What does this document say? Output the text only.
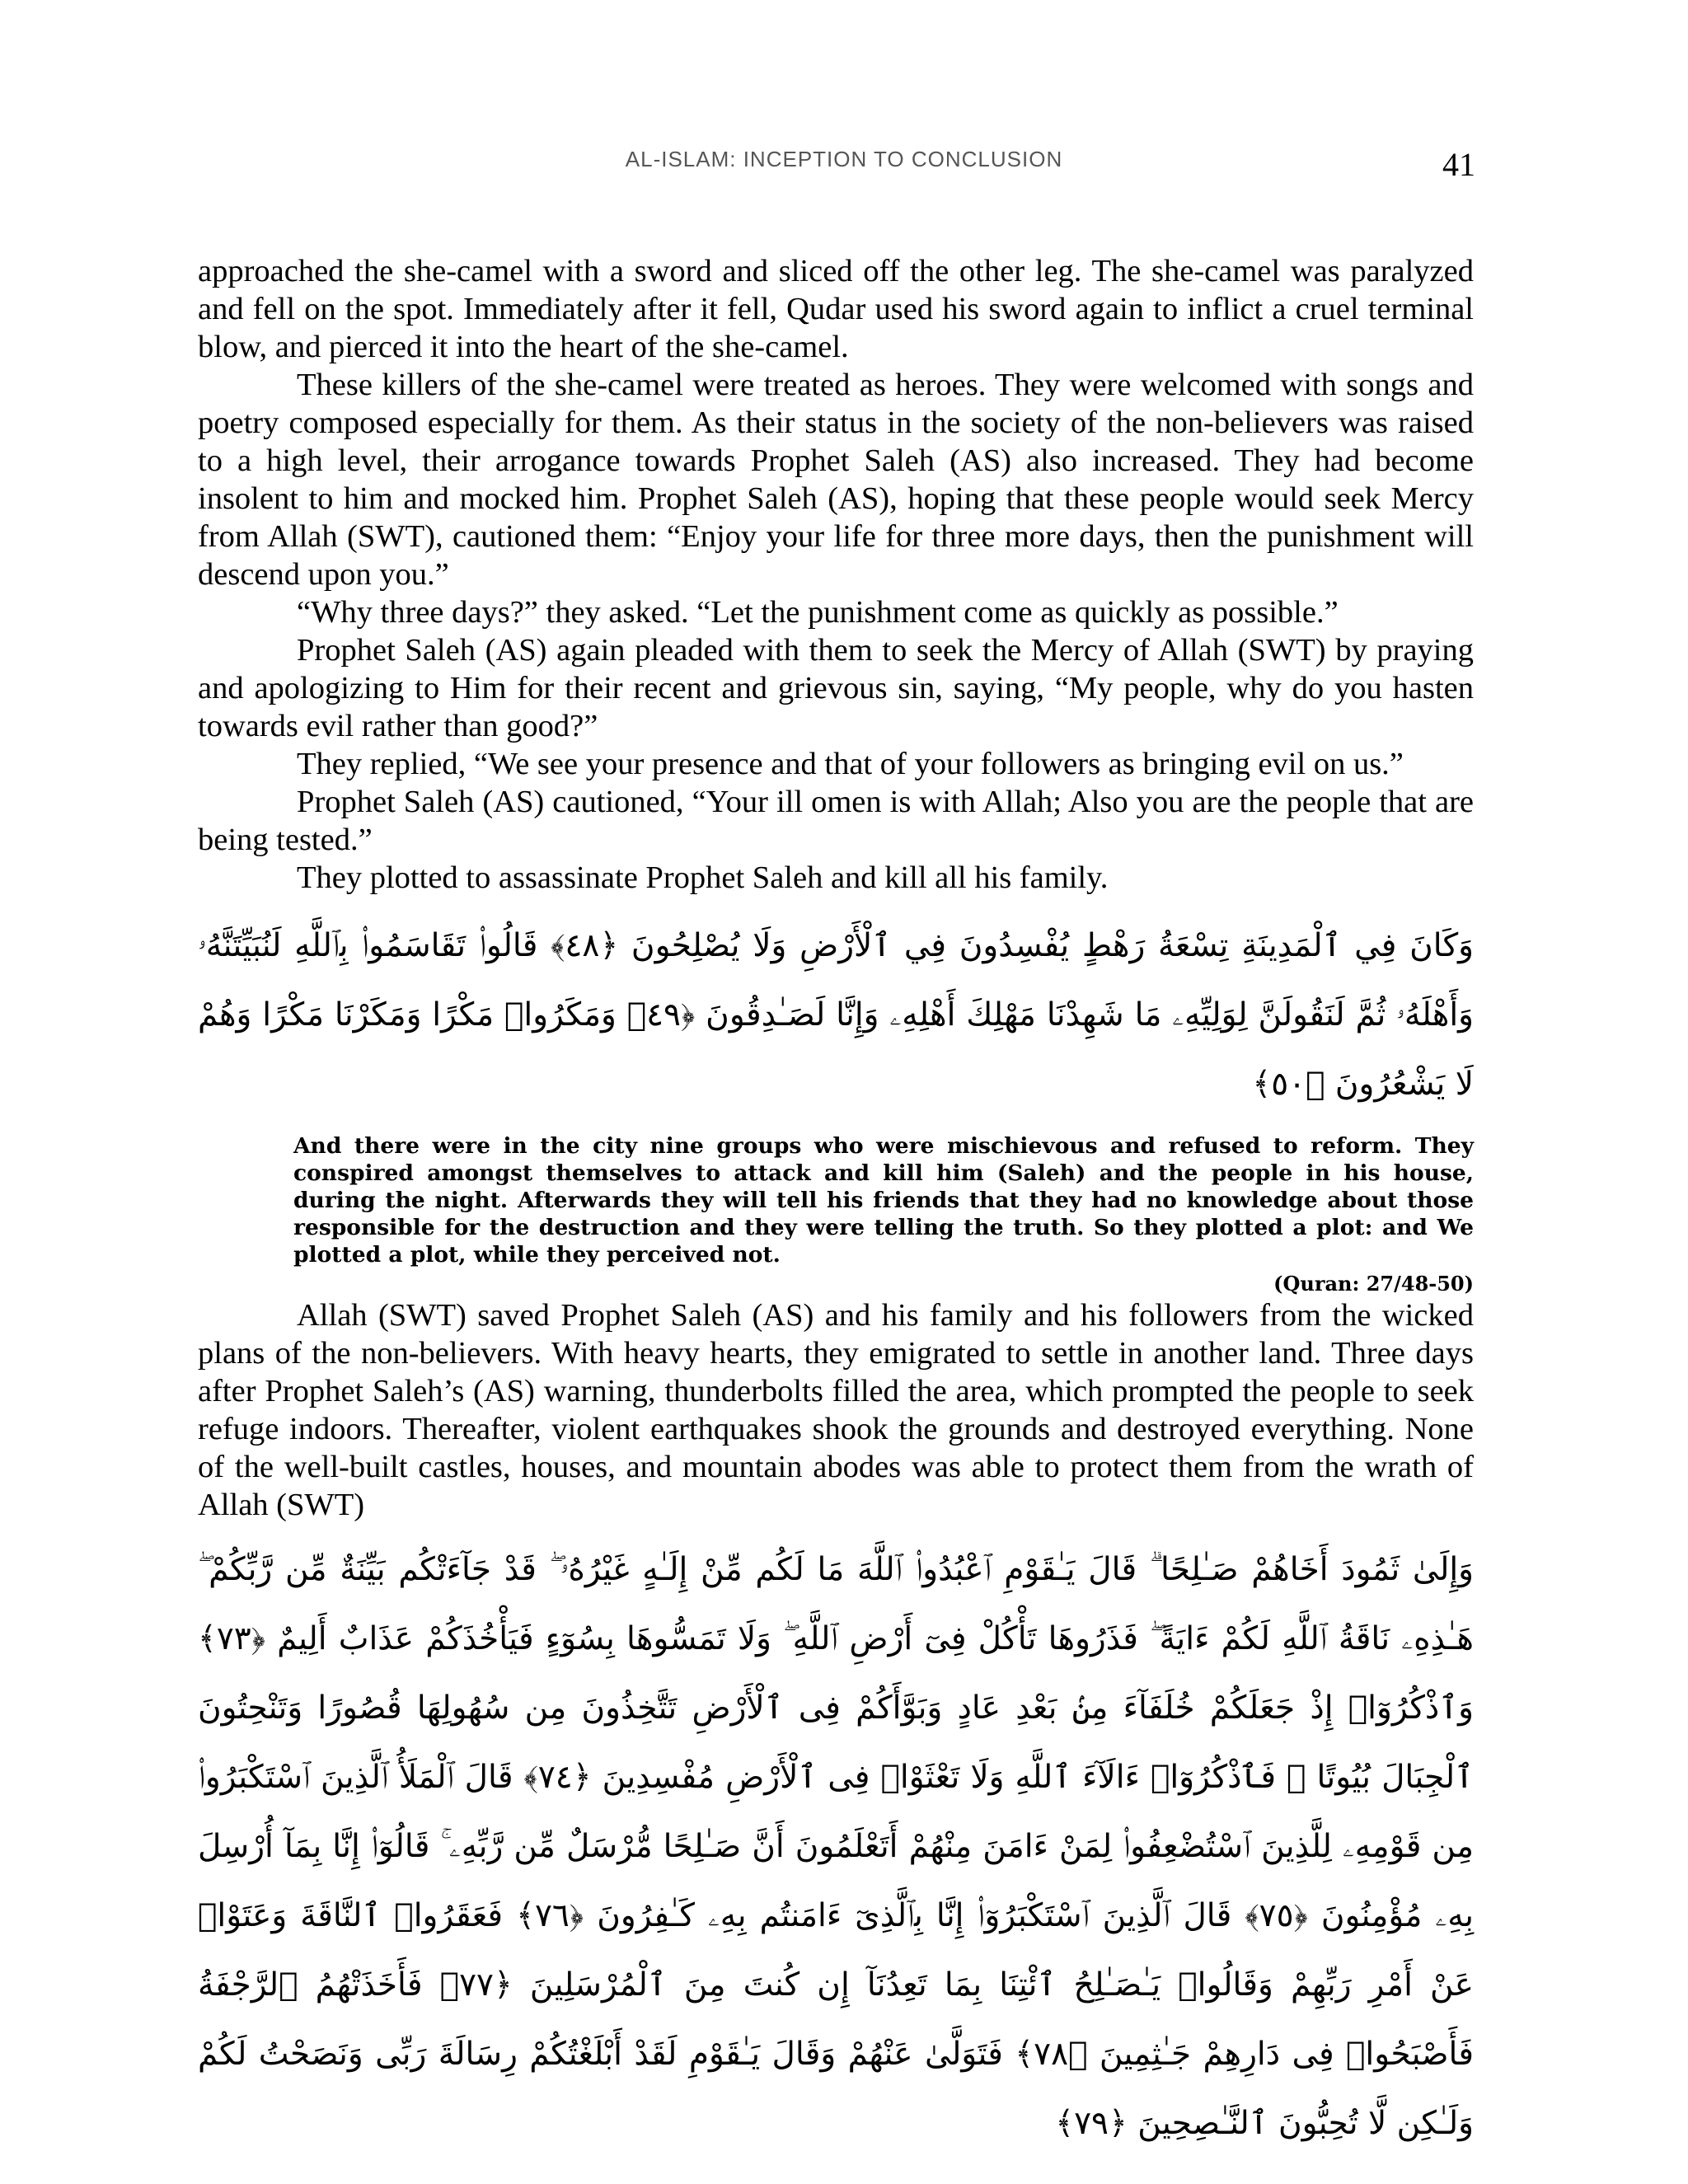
AL-ISLAM: INCEPTION TO CONCLUSION	41

approached the she-camel with a sword and sliced off the other leg. The she-camel was paralyzed and fell on the spot. Immediately after it fell, Qudar used his sword again to inflict a cruel terminal blow, and pierced it into the heart of the she-camel.

These killers of the she-camel were treated as heroes. They were welcomed with songs and poetry composed especially for them. As their status in the society of the non-believers was raised to a high level, their arrogance towards Prophet Saleh (AS) also increased. They had become insolent to him and mocked him. Prophet Saleh (AS), hoping that these people would seek Mercy from Allah (SWT), cautioned them: “Enjoy your life for three more days, then the punishment will descend upon you.”

“Why three days?” they asked. “Let the punishment come as quickly as possible.”

Prophet Saleh (AS) again pleaded with them to seek the Mercy of Allah (SWT) by praying and apologizing to Him for their recent and grievous sin, saying, “My people, why do you hasten towards evil rather than good?”

They replied, “We see your presence and that of your followers as bringing evil on us.”

Prophet Saleh (AS) cautioned, “Your ill omen is with Allah; Also you are the people that are being tested.”

They plotted to assassinate Prophet Saleh and kill all his family.

وَكَانَ فِي ٱلْمَدِينَةِ تِسْعَةُ رَهْطٍ يُفْسِدُونَ فِي ٱلْأَرْضِ وَلَا يُصْلِحُونَ ﴿٤٨﴾ قَالُوا۟ تَقَاسَمُوا۟ بِٱللَّهِ لَنُبَيِّتَنَّهُۥ وَأَهْلَهُۥ ثُمَّ لَنَقُولَنَّ لِوَلِيِّهِۦ مَا شَهِدْنَا مَهْلِكَ أَهْلِهِۦ وَإِنَّا لَصَـٰدِقُونَ ﴿٤٩﴾ وَمَكَرُوا۟ مَكْرًا وَمَكَرْنَا مَكْرًا وَهُمْ لَا يَشْعُرُونَ ﴿٥٠﴾
And there were in the city nine groups who were mischievous and refused to reform. They conspired amongst themselves to attack and kill him (Saleh) and the people in his house, during the night. Afterwards they will tell his friends that they had no knowledge about those responsible for the destruction and they were telling the truth. So they plotted a plot: and We plotted a plot, while they perceived not.
(Quran: 27/48-50)

Allah (SWT) saved Prophet Saleh (AS) and his family and his followers from the wicked plans of the non-believers. With heavy hearts, they emigrated to settle in another land. Three days after Prophet Saleh’s (AS) warning, thunderbolts filled the area, which prompted the people to seek refuge indoors. Thereafter, violent earthquakes shook the grounds and destroyed everything. None of the well-built castles, houses, and mountain abodes was able to protect them from the wrath of Allah (SWT)

وَإِلَىٰ ثَمُودَ أَخَاهُمْ صَـٰلِحًا ۗ قَالَ يَـٰقَوْمِ ٱعْبُدُوا۟ ٱللَّهَ مَا لَكُم مِّنْ إِلَـٰهٍ غَيْرُهُۥ ۖ قَدْ جَآءَتْكُم بَيِّنَةٌ مِّن رَّبِّكُمْ ۖ هَـٰذِهِۦ نَاقَةُ ٱللَّهِ لَكُمْ ءَايَةً ۖ فَذَرُوهَا تَأْكُلْ فِىٓ أَرْضِ ٱللَّهِ ۖ وَلَا تَمَسُّوهَا بِسُوٓءٍ فَيَأْخُذَكُمْ عَذَابٌ أَلِيمٌ ﴿٧٣﴾ وَٱذْكُرُوٓا۟ إِذْ جَعَلَكُمْ خُلَفَآءَ مِنۢ بَعْدِ عَادٍ وَبَوَّأَكُمْ فِى ٱلْأَرْضِ تَتَّخِذُونَ مِن سُهُولِهَا قُصُورًا وَتَنْحِتُونَ ٱلْجِبَالَ بُيُوتًا ۖ فَٱذْكُرُوٓا۟ ءَالَآءَ ٱللَّهِ وَلَا تَعْثَوْا۟ فِى ٱلْأَرْضِ مُفْسِدِينَ ﴿٧٤﴾ قَالَ ٱلْمَلَأُ ٱلَّذِينَ ٱسْتَكْبَرُوا۟ مِن قَوْمِهِۦ لِلَّذِينَ ٱسْتُضْعِفُوا۟ لِمَنْ ءَامَنَ مِنْهُمْ أَتَعْلَمُونَ أَنَّ صَـٰلِحًا مُّرْسَلٌ مِّن رَّبِّهِۦ ۚ قَالُوٓا۟ إِنَّا بِمَآ أُرْسِلَ بِهِۦ مُؤْمِنُونَ ﴿٧٥﴾ قَالَ ٱلَّذِينَ ٱسْتَكْبَرُوٓا۟ إِنَّا بِٱلَّذِىٓ ءَامَنتُم بِهِۦ كَـٰفِرُونَ ﴿٧٦﴾ فَعَقَرُوا۟ ٱلنَّاقَةَ وَعَتَوْا۟ عَنْ أَمْرِ رَبِّهِمْ وَقَالُوا۟ يَـٰصَـٰلِحُ ٱئْتِنَا بِمَا تَعِدُنَآ إِن كُنتَ مِنَ ٱلْمُرْسَلِينَ ﴿٧٧﴾ فَأَخَذَتْهُمُ ٱلرَّجْفَةُ فَأَصْبَحُوا۟ فِى دَارِهِمْ جَـٰثِمِينَ ﴿٧٨﴾ فَتَوَلَّىٰ عَنْهُمْ وَقَالَ يَـٰقَوْمِ لَقَدْ أَبْلَغْتُكُمْ رِسَالَةَ رَبِّى وَنَصَحْتُ لَكُمْ وَلَـٰكِن لَّا تُحِبُّونَ ٱلنَّـٰصِحِينَ ﴿٧٩﴾
